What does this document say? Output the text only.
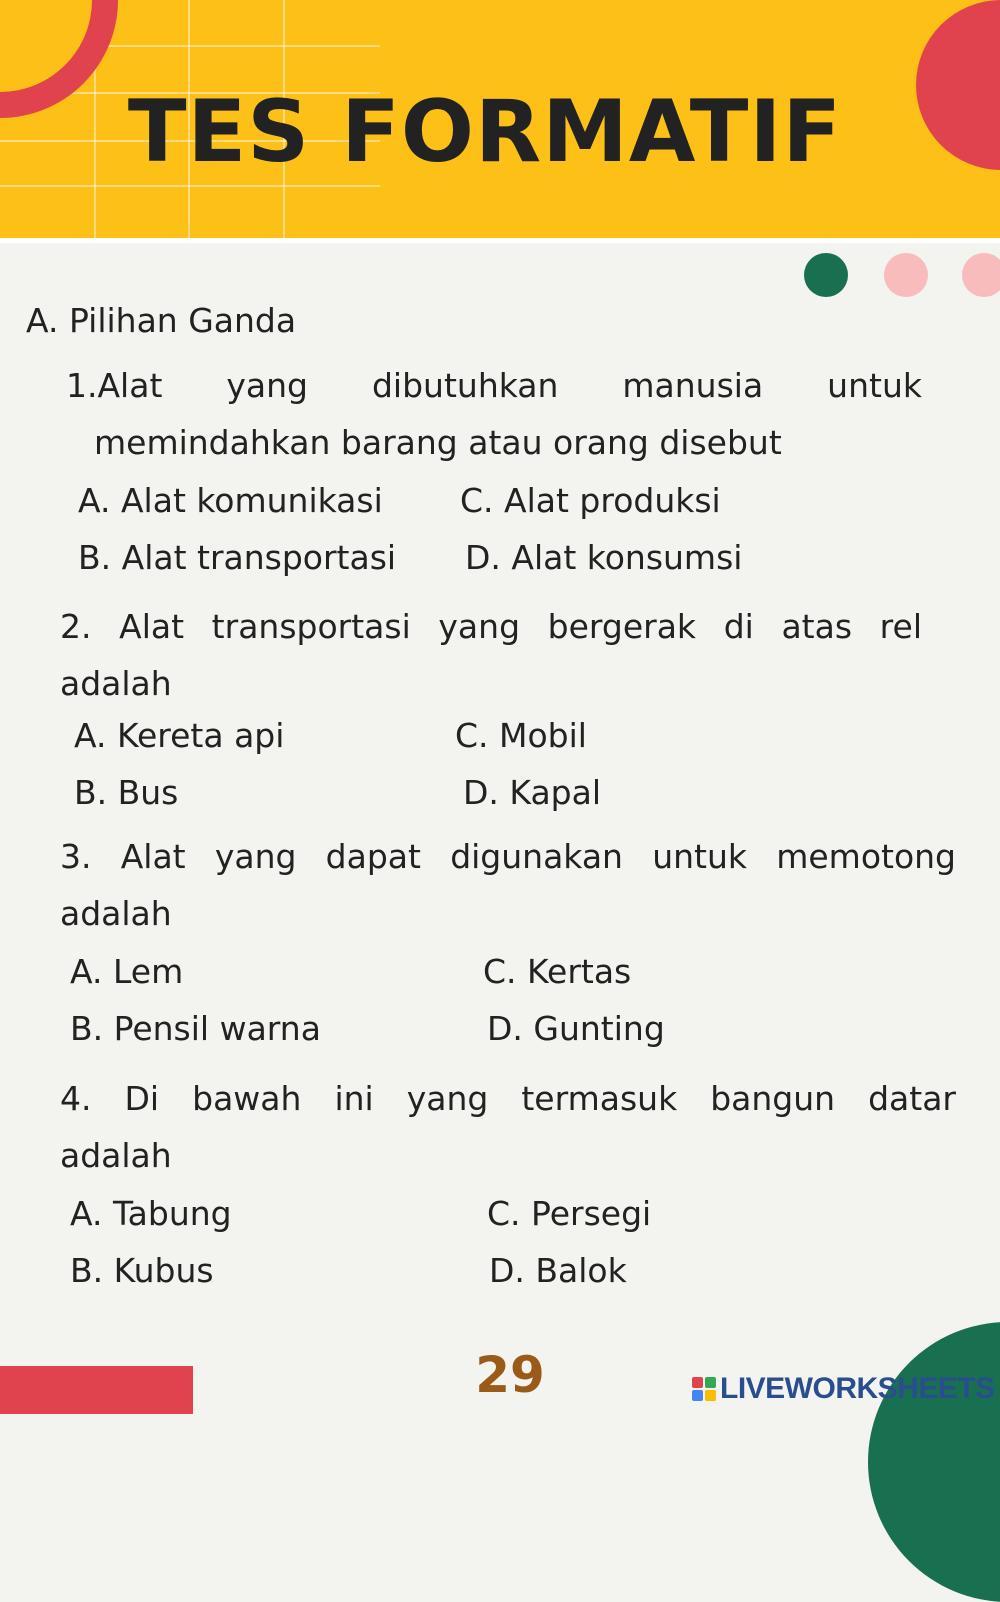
TES FORMATIF
A. Pilihan Ganda
1.Alat yang dibutuhkan manusia untuk
memindahkan barang atau orang disebut
A. Alat komunikasi C. Alat produksi
B. Alat transportasi D. Alat konsumsi
2. Alat transportasi yang bergerak di atas rel
adalah
A. Kereta api	C. Mobil
B. Bus	D. Kapal
3. Alat yang dapat digunakan untuk memotong
adalah
A. Lem	C. Kertas
B. Pensil warna	D. Gunting
4. Di bawah ini yang termasuk bangun datar
adalah
A. Tabung	C. Persegi
B. Kubus	D. Balok
29	LIVEWORKSHEETS
